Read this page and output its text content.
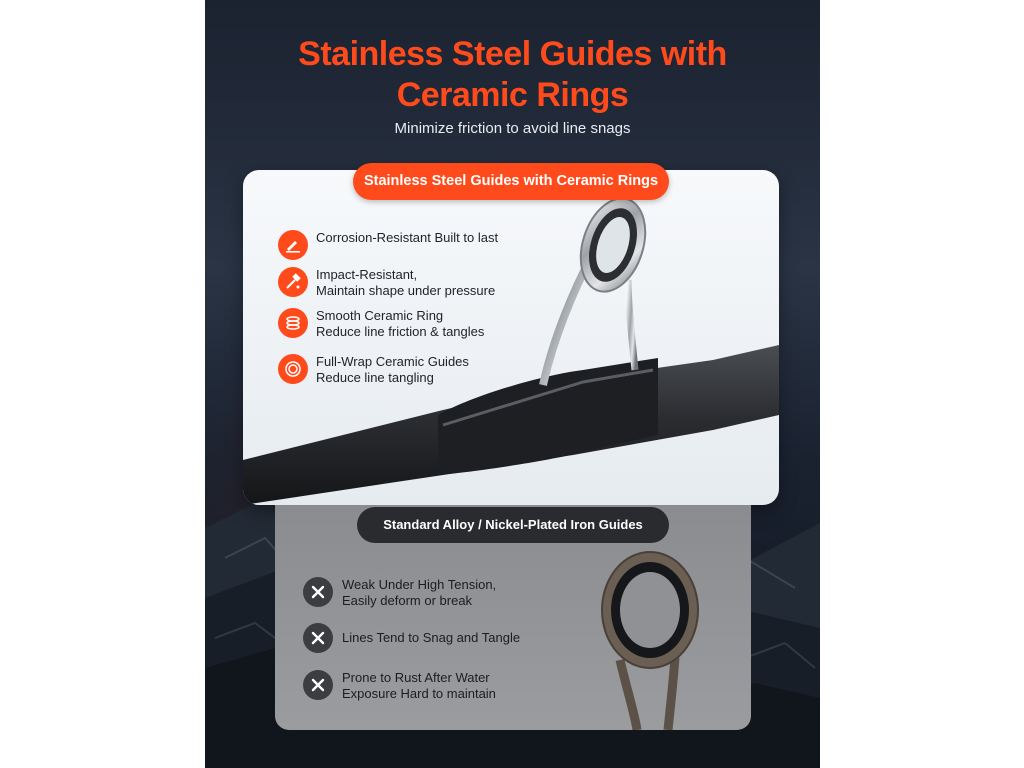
Stainless Steel Guides with
Ceramic Rings
Minimize friction to avoid line snags
Corrosion-Resistant Built to last
Impact-Resistant,
Maintain shape under pressure
Smooth Ceramic Ring
Reduce line friction & tangles
Full-Wrap Ceramic Guides
Reduce line tangling
Stainless Steel Guides with Ceramic Rings
Weak Under High Tension,
Easily deform or break
Lines Tend to Snag and Tangle
Prone to Rust After Water
Exposure Hard to maintain
Standard Alloy / Nickel-Plated Iron Guides
